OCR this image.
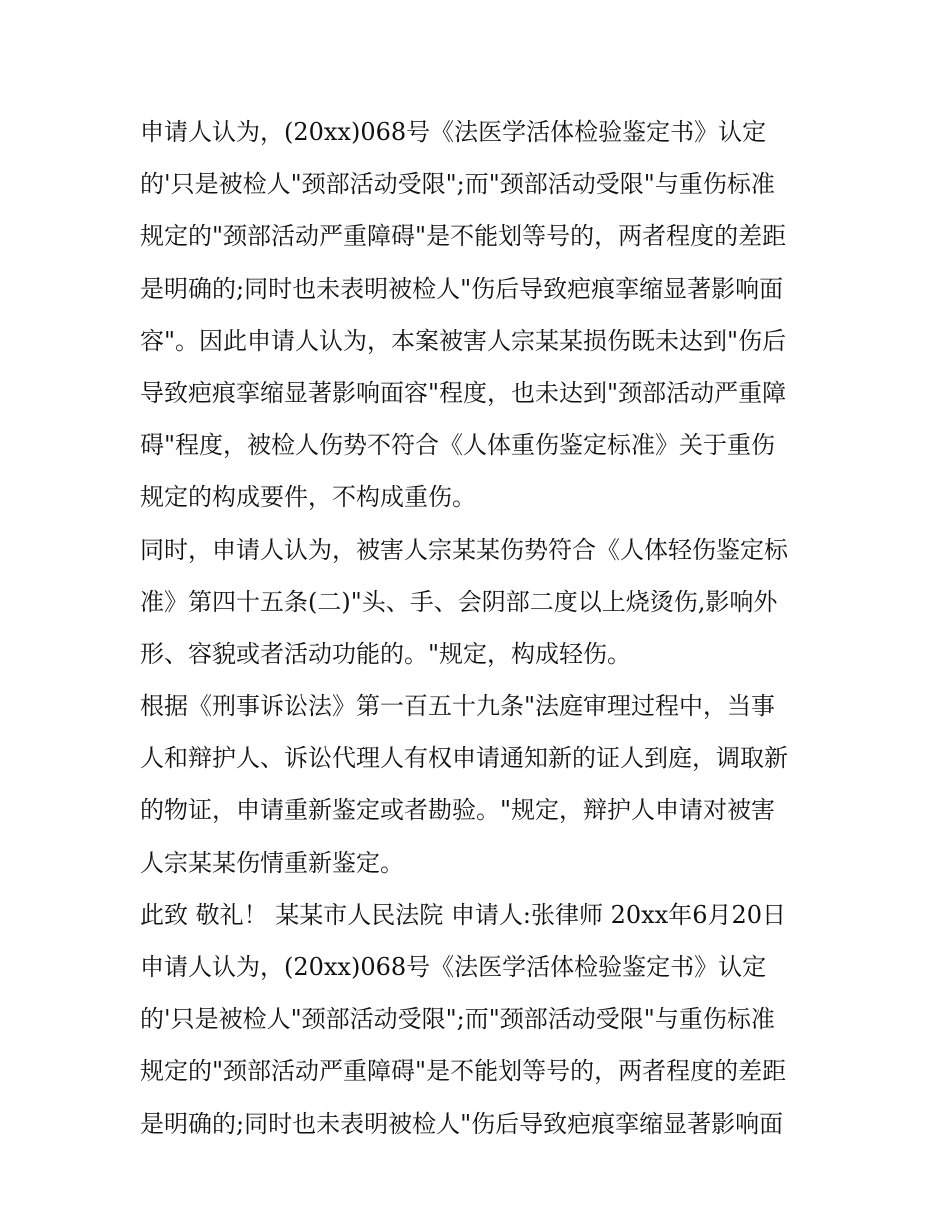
申请人认为，(20xx)068号《法医学活体检验鉴定书》认定
的'只是被检人"颈部活动受限";而"颈部活动受限"与重伤标准
规定的"颈部活动严重障碍"是不能划等号的，两者程度的差距
是明确的;同时也未表明被检人"伤后导致疤痕挛缩显著影响面
容"。因此申请人认为，本案被害人宗某某损伤既未达到"伤后
导致疤痕挛缩显著影响面容"程度，也未达到"颈部活动严重障
碍"程度，被检人伤势不符合《人体重伤鉴定标准》关于重伤
规定的构成要件，不构成重伤。
同时，申请人认为，被害人宗某某伤势符合《人体轻伤鉴定标
准》第四十五条(二)"头、手、会阴部二度以上烧烫伤,影响外
形、容貌或者活动功能的。"规定，构成轻伤。
根据《刑事诉讼法》第一百五十九条"法庭审理过程中，当事
人和辩护人、诉讼代理人有权申请通知新的证人到庭，调取新
的物证，申请重新鉴定或者勘验。"规定，辩护人申请对被害
人宗某某伤情重新鉴定。
此致 敬礼！ 某某市人民法院 申请人:张律师 20xx年6月20日
申请人认为，(20xx)068号《法医学活体检验鉴定书》认定
的'只是被检人"颈部活动受限";而"颈部活动受限"与重伤标准
规定的"颈部活动严重障碍"是不能划等号的，两者程度的差距
是明确的;同时也未表明被检人"伤后导致疤痕挛缩显著影响面
